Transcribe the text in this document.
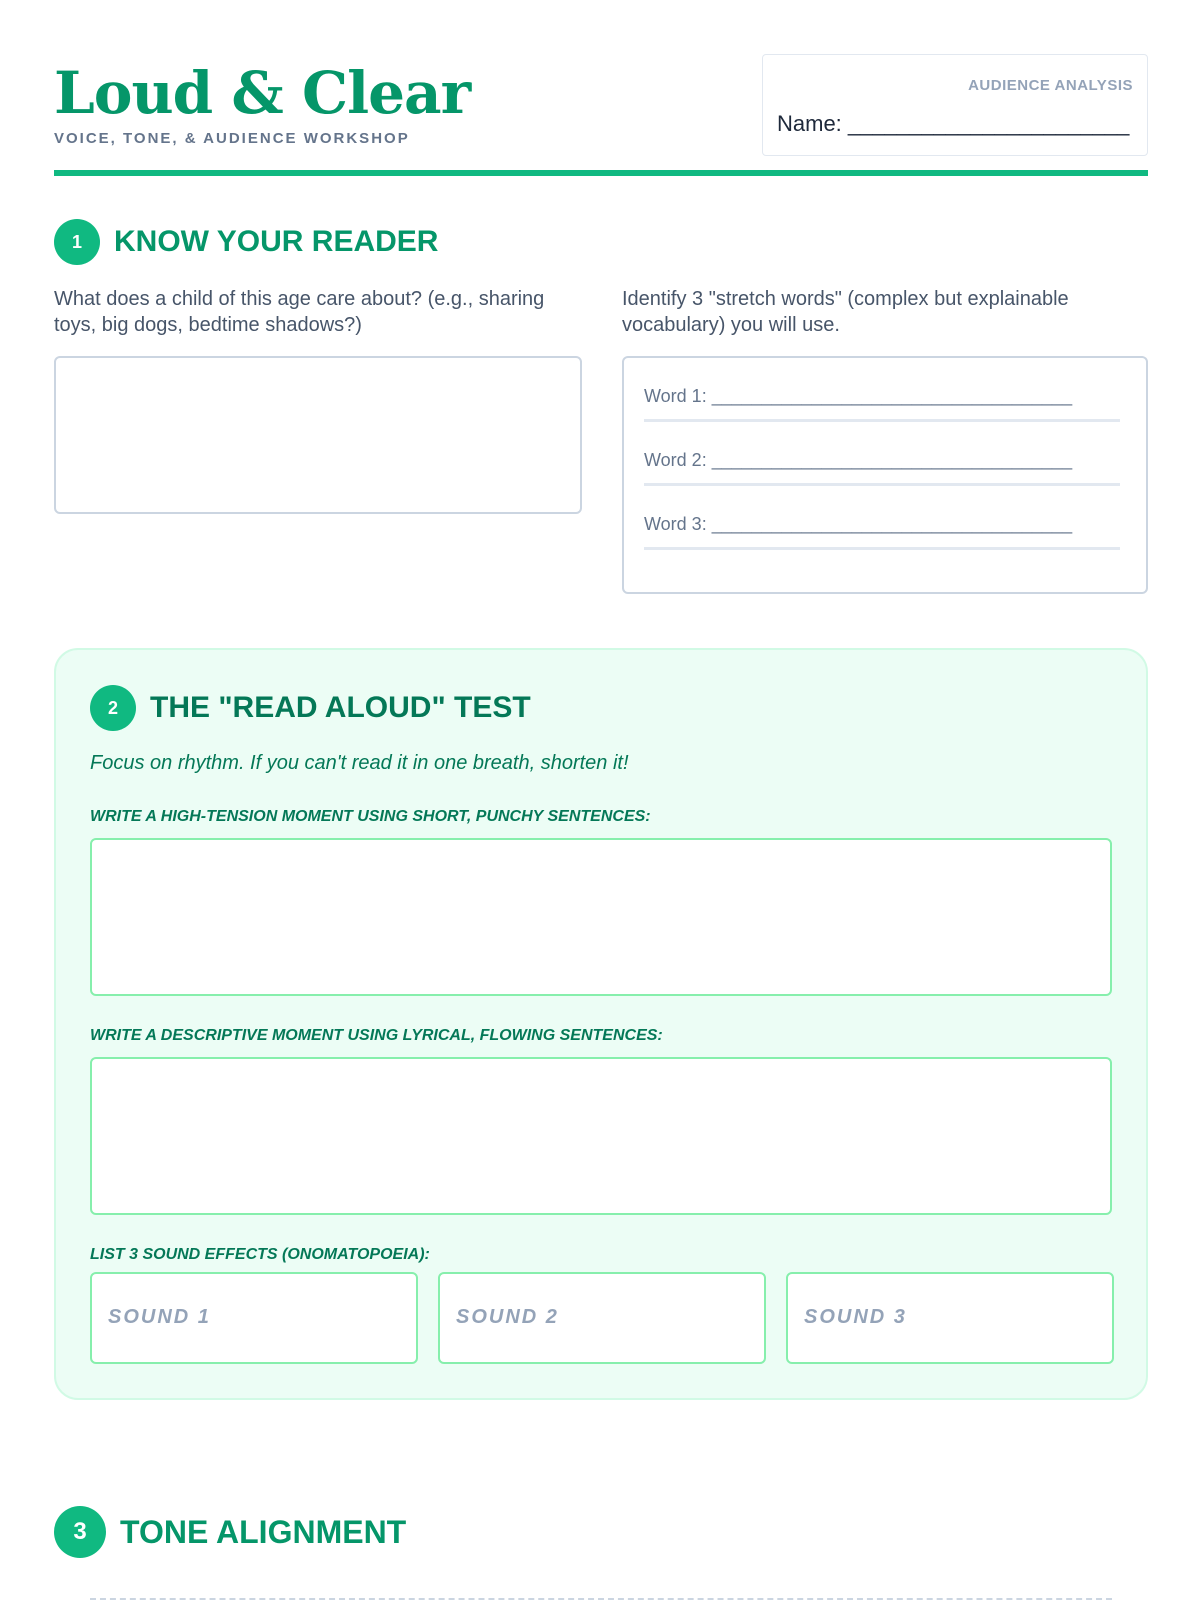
Loud & Clear
VOICE, TONE, & AUDIENCE WORKSHOP
AUDIENCE ANALYSIS
Name: _______________________
1	KNOW YOUR READER
What does a child of this age care about? (e.g., sharing toys, big dogs, bedtime shadows?)
Identify 3 "stretch words" (complex but explainable vocabulary) you will use.
Word 1: ____________________________________
Word 2: ____________________________________
Word 3: ____________________________________
2	THE "READ ALOUD" TEST
Focus on rhythm. If you can't read it in one breath, shorten it!
WRITE A HIGH-TENSION MOMENT USING SHORT, PUNCHY SENTENCES:
WRITE A DESCRIPTIVE MOMENT USING LYRICAL, FLOWING SENTENCES:
LIST 3 SOUND EFFECTS (ONOMATOPOEIA):
SOUND 1	SOUND 2	SOUND 3
3	TONE ALIGNMENT
